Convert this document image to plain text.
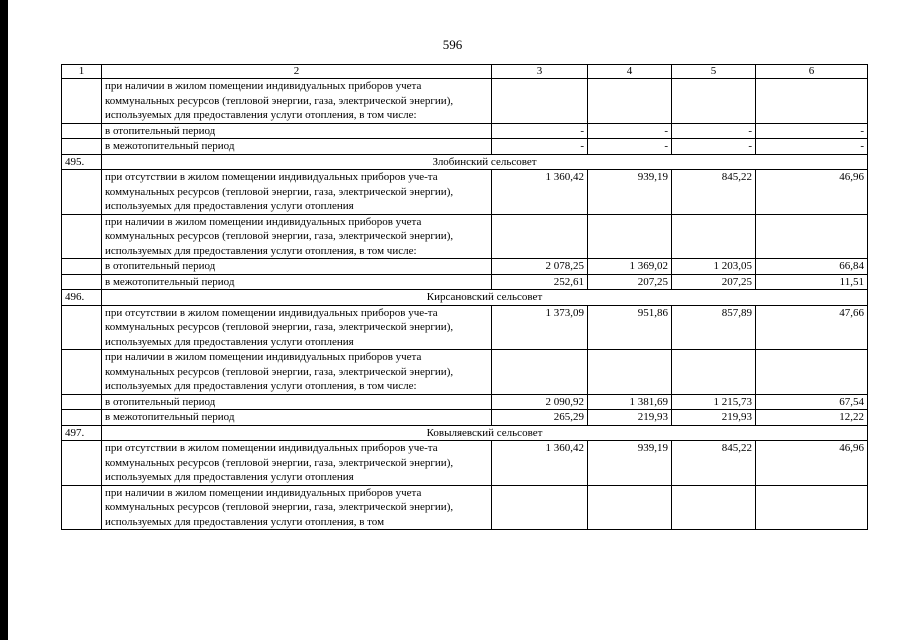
596
1	2	3	4	5	6
	при наличии в жилом помещении индивидуальных приборов учета коммунальных ресурсов (тепловой энергии, газа, электрической энергии), используемых для предоставления услуги отопления, в том числе:				
	в отопительный период	-	-	-	-
	в межотопительный период	-	-	-	-
495.	Злобинский сельсовет				
	при отсутствии в жилом помещении индивидуальных приборов уче-та коммунальных ресурсов (тепловой энергии, газа, электрической энергии), используемых для предоставления услуги отопления	1 360,42	939,19	845,22	46,96
	при наличии в жилом помещении индивидуальных приборов учета коммунальных ресурсов (тепловой энергии, газа, электрической энергии), используемых для предоставления услуги отопления, в том числе:				
	в отопительный период	2 078,25	1 369,02	1 203,05	66,84
	в межотопительный период	252,61	207,25	207,25	11,51
496.	Кирсановский сельсовет				
	при отсутствии в жилом помещении индивидуальных приборов уче-та коммунальных ресурсов (тепловой энергии, газа, электрической энергии), используемых для предоставления услуги отопления	1 373,09	951,86	857,89	47,66
	при наличии в жилом помещении индивидуальных приборов учета коммунальных ресурсов (тепловой энергии, газа, электрической энергии), используемых для предоставления услуги отопления, в том числе:				
	в отопительный период	2 090,92	1 381,69	1 215,73	67,54
	в межотопительный период	265,29	219,93	219,93	12,22
497.	Ковыляевский сельсовет				
	при отсутствии в жилом помещении индивидуальных приборов уче-та коммунальных ресурсов (тепловой энергии, газа, электрической энергии), используемых для предоставления услуги отопления	1 360,42	939,19	845,22	46,96
	при наличии в жилом помещении индивидуальных приборов учета коммунальных ресурсов (тепловой энергии, газа, электрической энергии), используемых для предоставления услуги отопления, в том				
